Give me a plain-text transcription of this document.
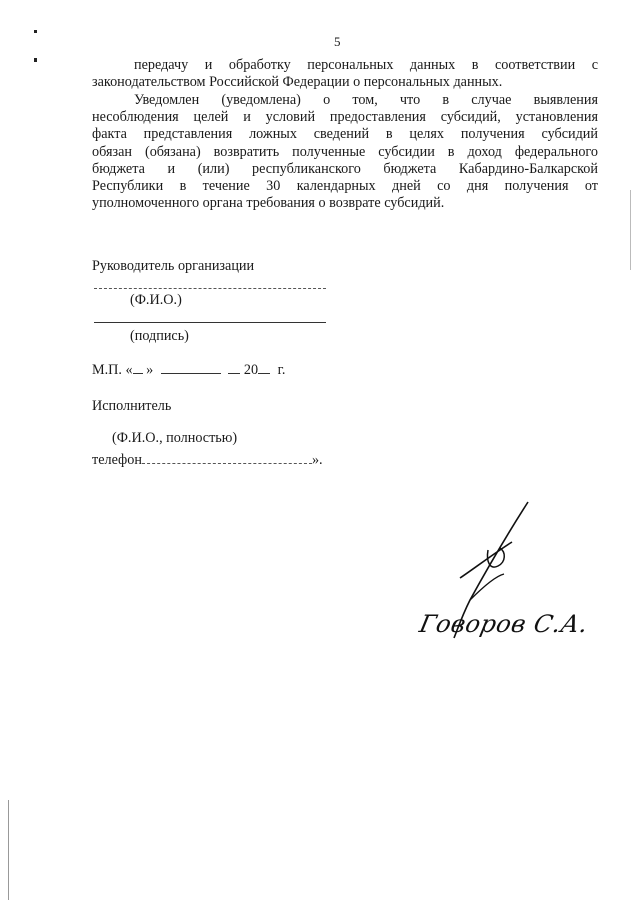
5
передачу и обработку персональных данных в соответствии с
законодательством Российской Федерации о персональных данных.
Уведомлен (уведомлена) о том, что в случае выявления
несоблюдения целей и условий предоставления субсидий, установления
факта представления ложных сведений в целях получения субсидий
обязан (обязана) возвратить полученные субсидии в доход федерального
бюджета и (или) республиканского бюджета Кабардино-Балкарской
Республики в течение 30 календарных дней со дня получения от
уполномоченного органа требования о возврате субсидий.
Руководитель организации
(Ф.И.О.)
(подпись)
М.П. « »	20 г.
Исполнитель
(Ф.И.О., полностью)
телефон	».
Говоров С.А.
